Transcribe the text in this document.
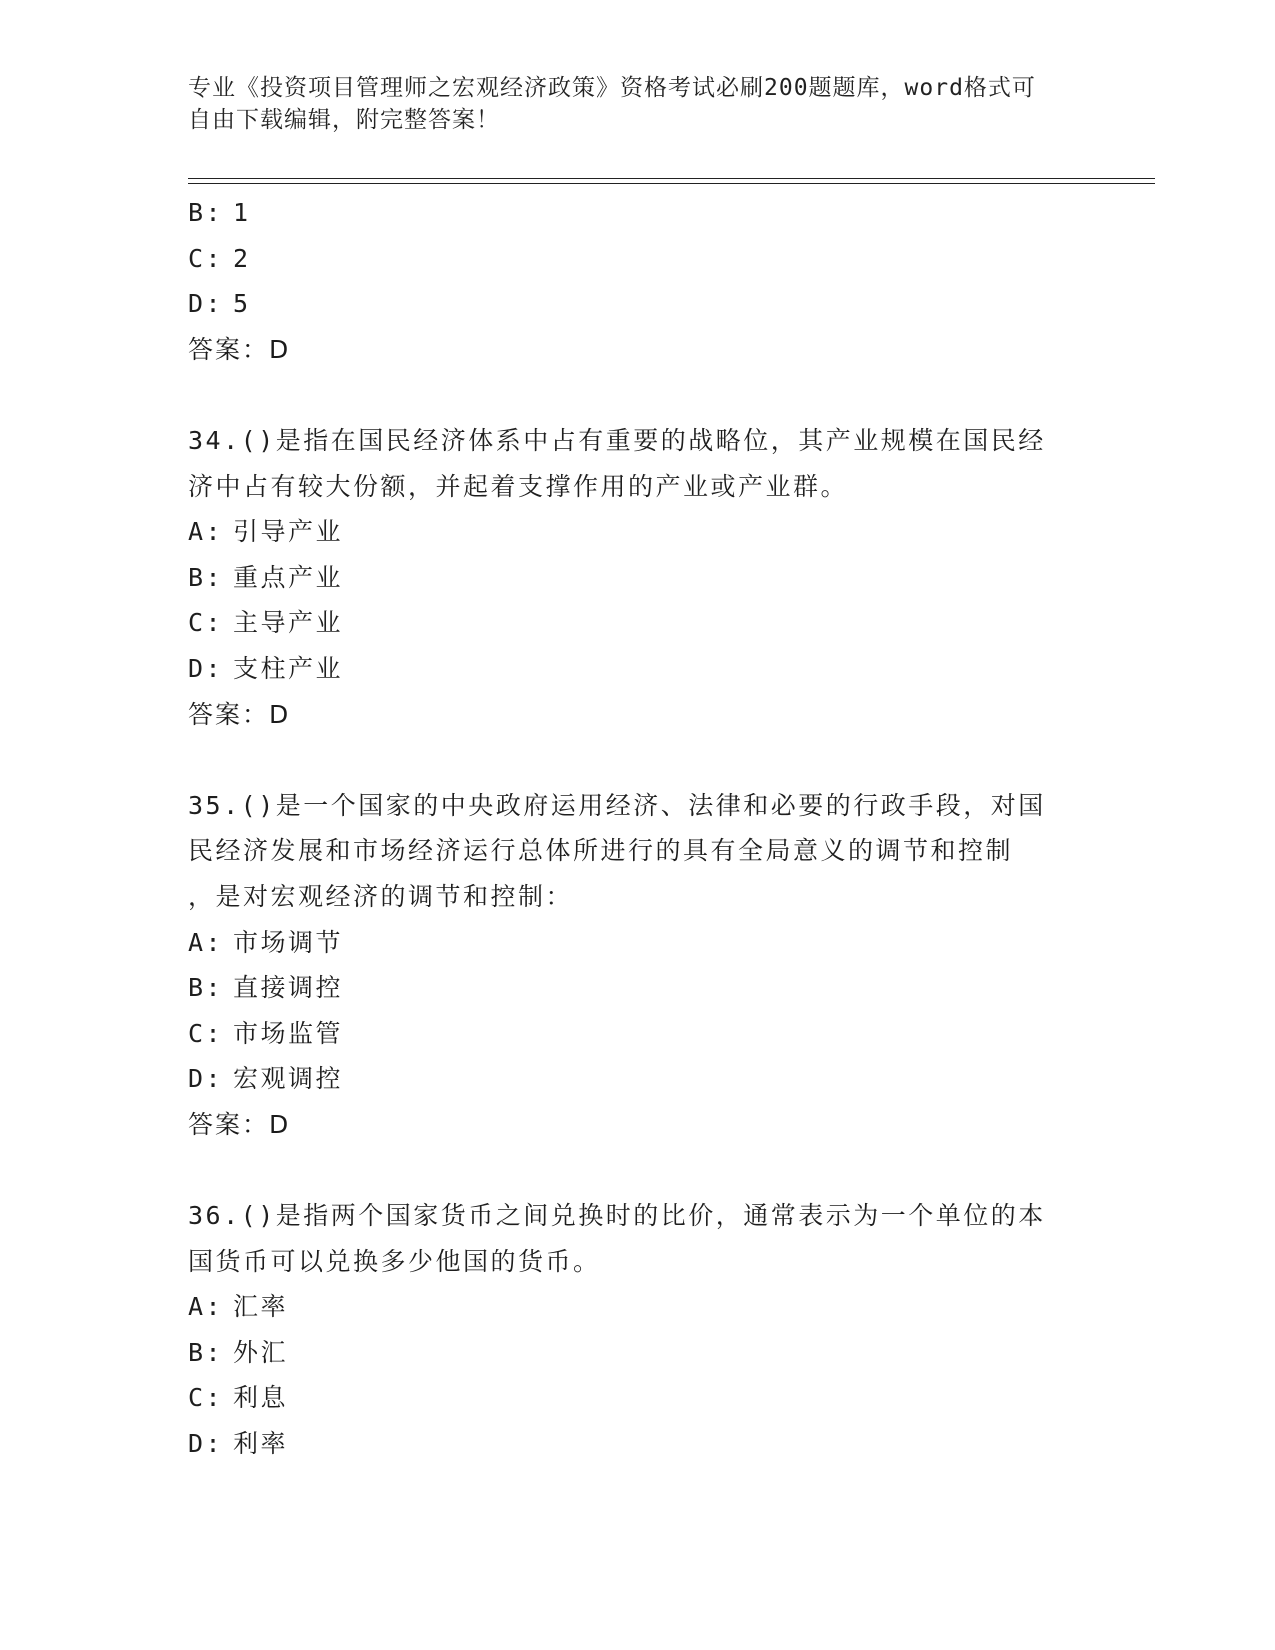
专业《投资项目管理师之宏观经济政策》资格考试必刷200题题库，word格式可
自由下载编辑，附完整答案！
B: 1
C: 2
D: 5
答案：D
34.()是指在国民经济体系中占有重要的战略位，其产业规模在国民经
济中占有较大份额，并起着支撑作用的产业或产业群。
A: 引导产业
B: 重点产业
C: 主导产业
D: 支柱产业
答案：D
35.()是一个国家的中央政府运用经济、法律和必要的行政手段，对国
民经济发展和市场经济运行总体所进行的具有全局意义的调节和控制
，是对宏观经济的调节和控制：
A: 市场调节
B: 直接调控
C: 市场监管
D: 宏观调控
答案：D
36.()是指两个国家货币之间兑换时的比价，通常表示为一个单位的本
国货币可以兑换多少他国的货币。
A: 汇率
B: 外汇
C: 利息
D: 利率
